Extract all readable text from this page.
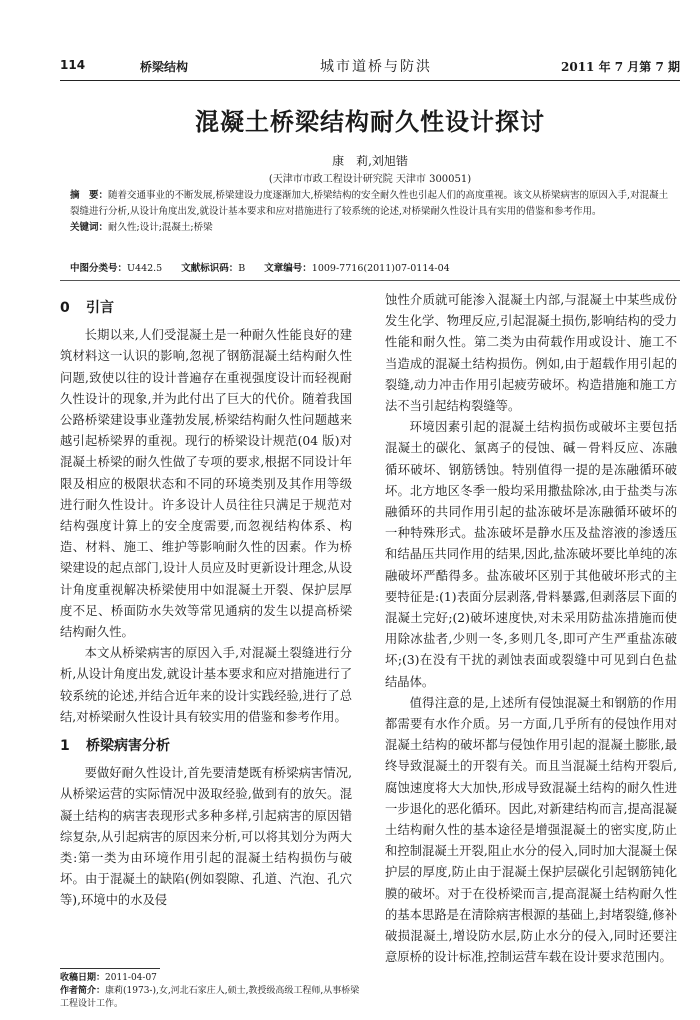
114	桥梁结构	城市道桥与防洪	2011 年 7 月第 7 期
混凝土桥梁结构耐久性设计探讨
康　莉,刘旭锴
(天津市市政工程设计研究院 天津市 300051)
摘　要：随着交通事业的不断发展,桥梁建设力度逐渐加大,桥梁结构的安全耐久性也引起人们的高度重视。该文从桥梁病害的原因入手,对混凝土裂缝进行分析,从设计角度出发,就设计基本要求和应对措施进行了较系统的论述,对桥梁耐久性设计具有实用的借鉴和参考作用。
关键词：耐久性;设计;混凝土;桥梁
中图分类号：U442.5 文献标识码：B 文章编号：1009-7716(2011)07-0114-04
0 引言

长期以来,人们受混凝土是一种耐久性能良好的建筑材料这一认识的影响,忽视了钢筋混凝土结构耐久性问题,致使以往的设计普遍存在重视强度设计而轻视耐久性设计的现象,并为此付出了巨大的代价。随着我国公路桥梁建设事业蓬勃发展,桥梁结构耐久性问题越来越引起桥梁界的重视。现行的桥梁设计规范(04 版)对混凝土桥梁的耐久性做了专项的要求,根据不同设计年限及相应的极限状态和不同的环境类别及其作用等级进行耐久性设计。许多设计人员往往只满足于规范对结构强度计算上的安全度需要,而忽视结构体系、构造、材料、施工、维护等影响耐久性的因素。作为桥梁建设的起点部门,设计人员应及时更新设计理念,从设计角度重视解决桥梁使用中如混凝土开裂、保护层厚度不足、桥面防水失效等常见通病的发生以提高桥梁结构耐久性。

本文从桥梁病害的原因入手,对混凝土裂缝进行分析,从设计角度出发,就设计基本要求和应对措施进行了较系统的论述,并结合近年来的设计实践经验,进行了总结,对桥梁耐久性设计具有较实用的借鉴和参考作用。

1 桥梁病害分析

要做好耐久性设计,首先要清楚既有桥梁病害情况,从桥梁运营的实际情况中汲取经验,做到有的放矢。混凝土结构的病害表现形式多种多样,引起病害的原因错综复杂,从引起病害的原因来分析,可以将其划分为两大类:第一类为由环境作用引起的混凝土结构损伤与破坏。由于混凝土的缺陷(例如裂隙、孔道、汽泡、孔穴等),环境中的水及侵

蚀性介质就可能渗入混凝土内部,与混凝土中某些成份发生化学、物理反应,引起混凝土损伤,影响结构的受力性能和耐久性。第二类为由荷载作用或设计、施工不当造成的混凝土结构损伤。例如,由于超载作用引起的裂缝,动力冲击作用引起疲劳破坏。构造措施和施工方法不当引起结构裂缝等。

环境因素引起的混凝土结构损伤或破坏主要包括混凝土的碳化、氯离子的侵蚀、碱－骨料反应、冻融循环破坏、钢筋锈蚀。特别值得一提的是冻融循环破坏。北方地区冬季一般均采用撒盐除冰,由于盐类与冻融循环的共同作用引起的盐冻破坏是冻融循环破坏的一种特殊形式。盐冻破坏是静水压及盐溶液的渗透压和结晶压共同作用的结果,因此,盐冻破坏要比单纯的冻融破坏严酷得多。盐冻破坏区别于其他破坏形式的主要特征是:(1)表面分层剥落,骨料暴露,但剥落层下面的混凝土完好;(2)破坏速度快,对未采用防盐冻措施而使用除冰盐者,少则一冬,多则几冬,即可产生严重盐冻破坏;(3)在没有干扰的剥蚀表面或裂缝中可见到白色盐结晶体。

值得注意的是,上述所有侵蚀混凝土和钢筋的作用都需要有水作介质。另一方面,几乎所有的侵蚀作用对混凝土结构的破坏都与侵蚀作用引起的混凝土膨胀,最终导致混凝土的开裂有关。而且当混凝土结构开裂后,腐蚀速度将大大加快,形成导致混凝土结构的耐久性进一步退化的恶化循环。因此,对新建结构而言,提高混凝土结构耐久性的基本途径是增强混凝土的密实度,防止和控制混凝土开裂,阻止水分的侵入,同时加大混凝土保护层的厚度,防止由于混凝土保护层碳化引起钢筋钝化膜的破坏。对于在役桥梁而言,提高混凝土结构耐久性的基本思路是在清除病害根源的基础上,封堵裂缝,修补破损混凝土,增设防水层,防止水分的侵入,同时还要注意原桥的设计标准,控制运营车载在设计要求范围内。

收稿日期：2011-04-07
作者简介：康莉(1973-),女,河北石家庄人,硕士,教授级高级工程师,从事桥梁工程设计工作。
